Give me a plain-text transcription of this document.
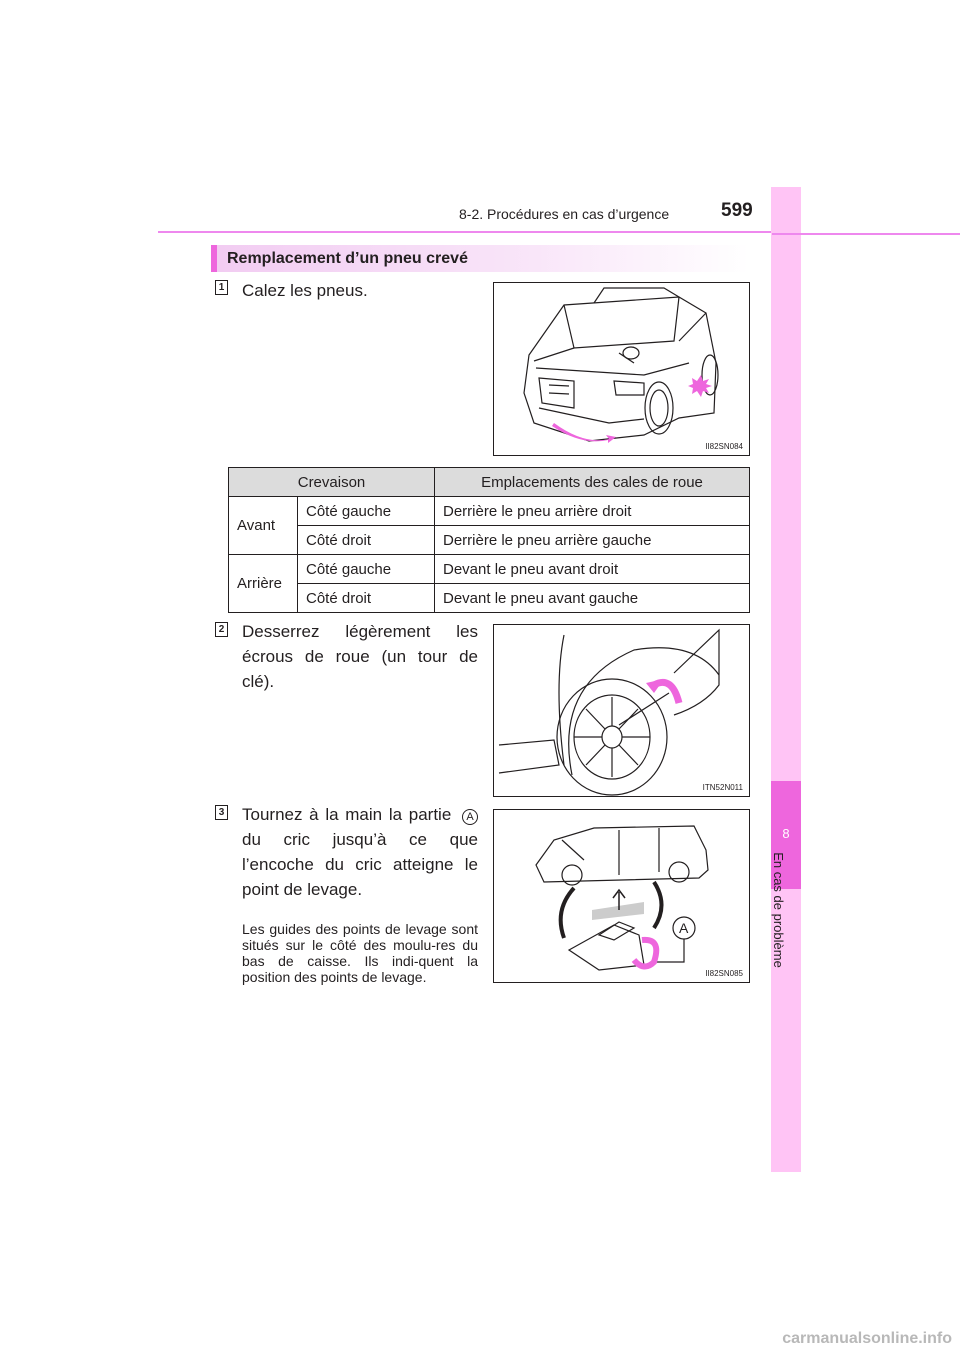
8-2. Procédures en cas d’urgence	599
8
En cas de problème
Remplacement d’un pneu crevé
1 Calez les pneus.
II82SN084
Crevaison		Emplacements des cales de roue
Avant	Côté gauche	Derrière le pneu arrière droit
	Côté droit	Derrière le pneu arrière gauche
Arrière	Côté gauche	Devant le pneu avant droit
	Côté droit	Devant le pneu avant gauche
2 Desserrez légèrement les écrous de roue (un tour de clé).
ITN52N011
3 Tournez à la main la partie A du cric jusqu’à ce que l’encoche du cric atteigne le point de levage.
Les guides des points de levage sont situés sur le côté des moulu-res du bas de caisse. Ils indi-quent la position des points de levage.
A
II82SN085
carmanualsonline.info
